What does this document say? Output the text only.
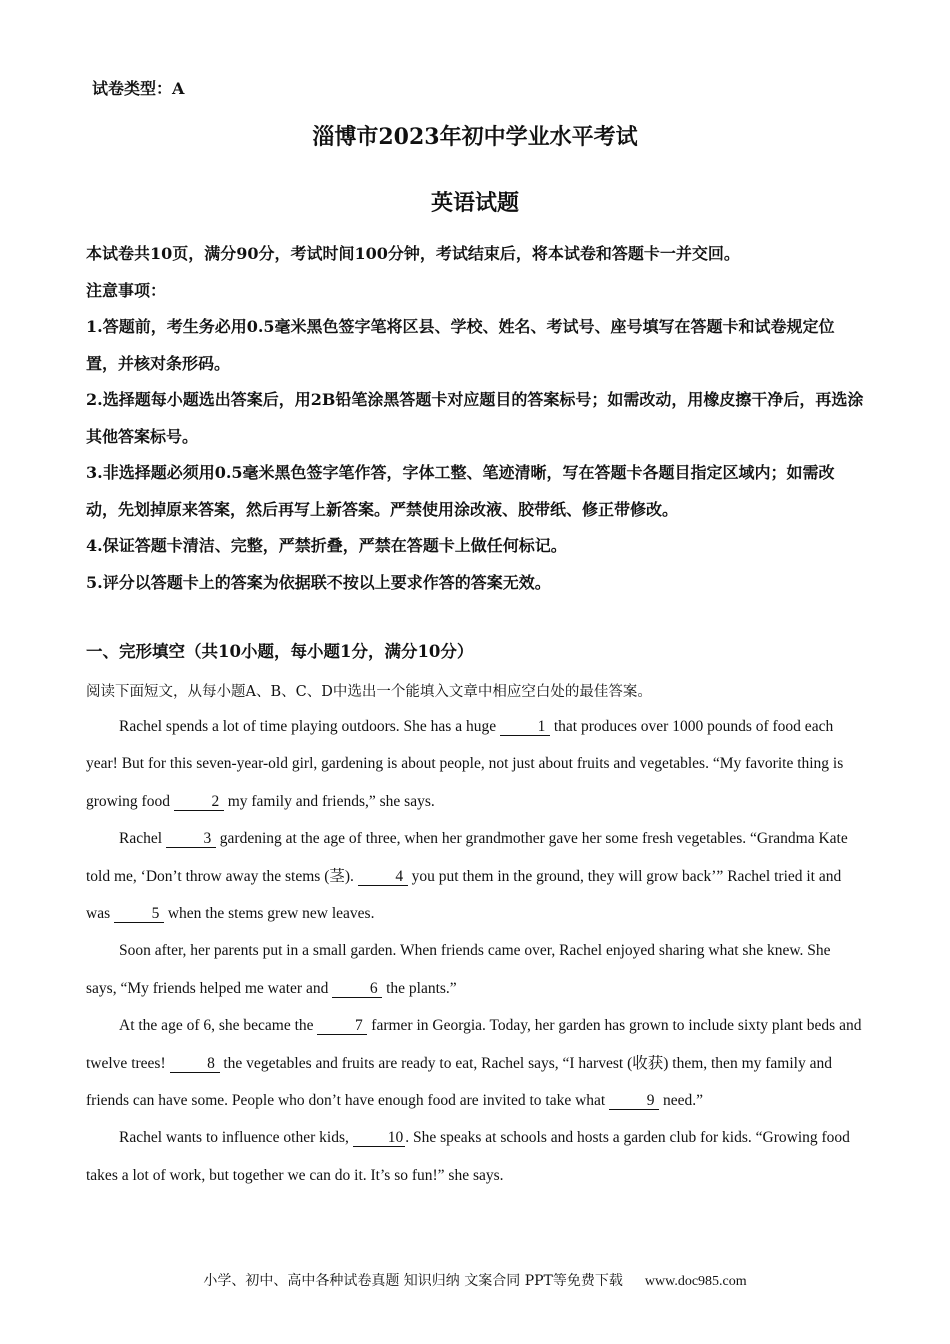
试卷类型：A
淄博市2023年初中学业水平考试
英语试题

本试卷共10页，满分90分，考试时间100分钟，考试结束后，将本试卷和答题卡一并交回。

注意事项：

1.答题前，考生务必用0.5毫米黑色签字笔将区县、学校、姓名、考试号、座号填写在答题卡和试卷规定位置，并核对条形码。

2.选择题每小题选出答案后，用2B铅笔涂黑答题卡对应题目的答案标号；如需改动，用橡皮擦干净后，再选涂其他答案标号。

3.非选择题必须用0.5毫米黑色签字笔作答，字体工整、笔迹清晰，写在答题卡各题目指定区域内；如需改动，先划掉原来答案，然后再写上新答案。严禁使用涂改液、胶带纸、修正带修改。

4.保证答题卡清洁、完整，严禁折叠，严禁在答题卡上做任何标记。

5.评分以答题卡上的答案为依据联不按以上要求作答的答案无效。

一、完形填空（共10小题，每小题1分，满分10分）
阅读下面短文，从每小题A、B、C、D中选出一个能填入文章中相应空白处的最佳答案。

Rachel spends a lot of time playing outdoors. She has a huge 1 that produces over 1000 pounds of food each year! But for this seven-year-old girl, gardening is about people, not just about fruits and vegetables. “My favorite thing is growing food 2 my family and friends,” she says.

Rachel 3 gardening at the age of three, when her grandmother gave her some fresh vegetables. “Grandma Kate told me, ‘Don’t throw away the stems (茎). 4 you put them in the ground, they will grow back’” Rachel tried it and was 5 when the stems grew new leaves.

Soon after, her parents put in a small garden. When friends came over, Rachel enjoyed sharing what she knew. She says, “My friends helped me water and 6 the plants.”

At the age of 6, she became the 7 farmer in Georgia. Today, her garden has grown to include sixty plant beds and twelve trees! 8 the vegetables and fruits are ready to eat, Rachel says, “I harvest (收获) them, then my family and friends can have some. People who don’t have enough food are invited to take what 9 need.”

Rachel wants to influence other kids, 10 . She speaks at schools and hosts a garden club for kids. “Growing food takes a lot of work, but together we can do it. It’s so fun!” she says.

小学、初中、高中各种试卷真题 知识归纳 文案合同 PPT等免费下载 www.doc985.com
